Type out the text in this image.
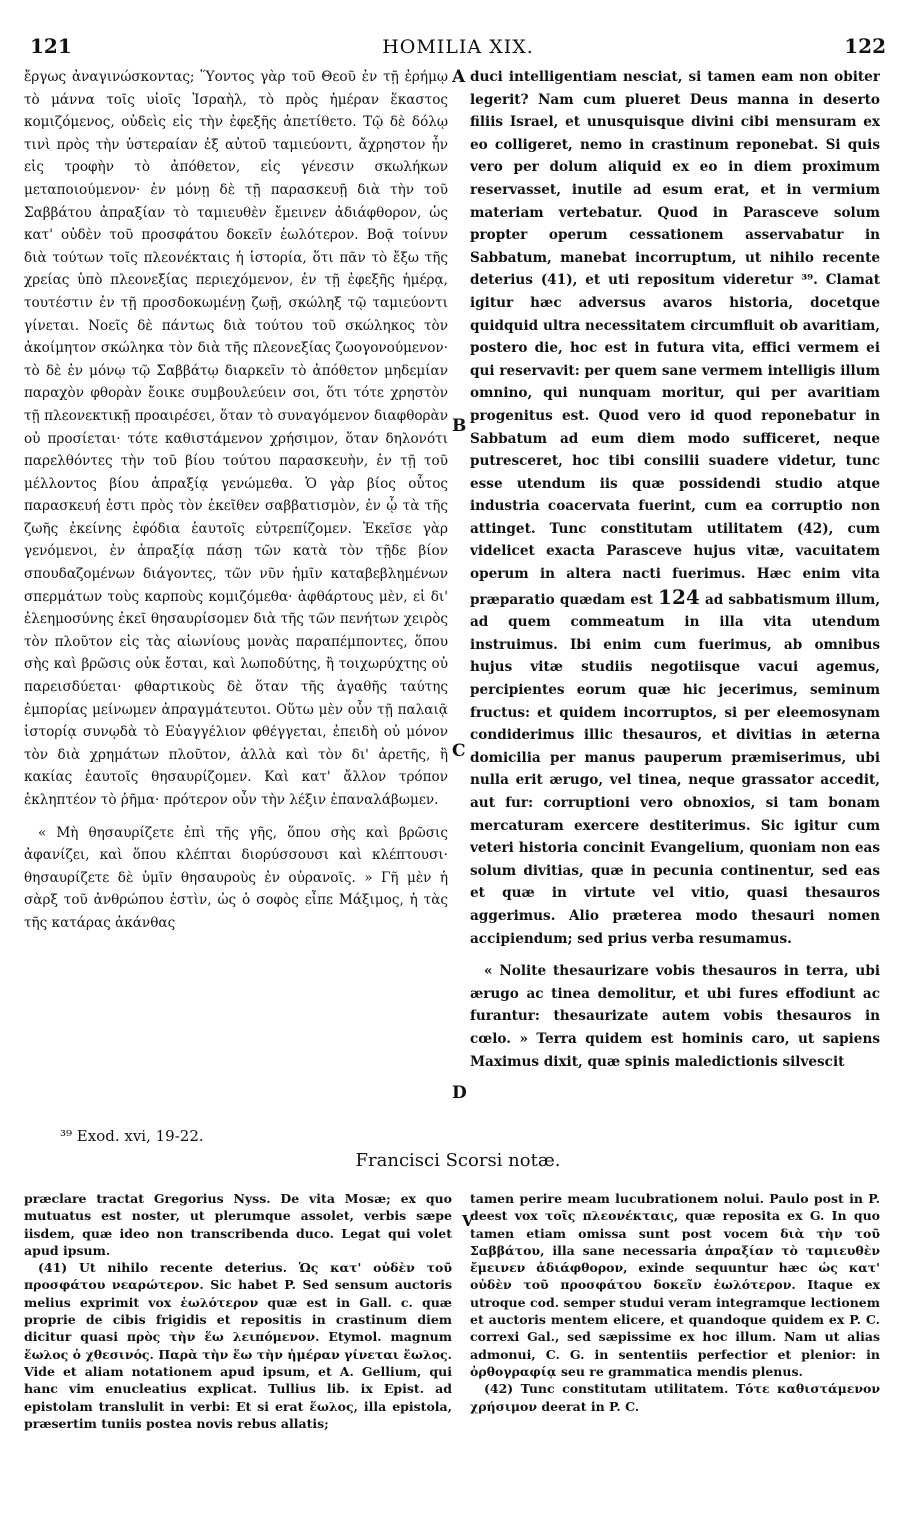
121	HOMILIA XIX.	122

ἔργως ἀναγινώσκοντας; Ὕοντος γὰρ τοῦ Θεοῦ ἐν τῇ ἐρήμῳ τὸ μάννα τοῖς υἱοῖς Ἰσραὴλ, τὸ πρὸς ἡμέραν ἕκαστος κομιζόμενος, οὐδεὶς εἰς τὴν ἐφεξῆς ἀπετίθετο. Τῷ δὲ δόλῳ τινὶ πρὸς τὴν ὑστεραίαν ἐξ αὐτοῦ ταμιεύοντι, ἄχρηστον ἦν εἰς τροφὴν τὸ ἀπόθετον, εἰς γένεσιν σκωλήκων μεταποιούμενον· ἐν μόνῃ δὲ τῇ παρασκευῇ διὰ τὴν τοῦ Σαββάτου ἀπραξίαν τὸ ταμιευθὲν ἔμεινεν ἀδιάφθορον, ὡς κατ' οὐδὲν τοῦ προσφάτου δοκεῖν ἑωλότερον. Βοᾷ τοίνυν διὰ τούτων τοῖς πλεονέκταις ἡ ἱστορία, ὅτι πᾶν τὸ ἔξω τῆς χρείας ὑπὸ πλεονεξίας περιεχόμενον, ἐν τῇ ἐφεξῆς ἡμέρᾳ, τουτέστιν ἐν τῇ προσδοκωμένῃ ζωῇ, σκώληξ τῷ ταμιεύοντι γίνεται. Νοεῖς δὲ πάντως διὰ τούτου τοῦ σκώληκος τὸν ἀκοίμητον σκώληκα τὸν διὰ τῆς πλεονεξίας ζωογονούμενον· τὸ δὲ ἐν μόνῳ τῷ Σαββάτῳ διαρκεῖν τὸ ἀπόθετον μηδεμίαν παραχὸν φθορὰν ἔοικε συμβουλεύειν σοι, ὅτι τότε χρηστὸν τῇ πλεονεκτικῇ προαιρέσει, ὅταν τὸ συναγόμενον διαφθορὰν οὐ προσίεται· τότε καθιστάμενον χρήσιμον, ὅταν δηλονότι παρελθόντες τὴν τοῦ βίου τούτου παρασκευὴν, ἐν τῇ τοῦ μέλλοντος βίου ἀπραξίᾳ γενώμεθα. Ὁ γὰρ βίος οὗτος παρασκευή ἐστι πρὸς τὸν ἐκεῖθεν σαββατισμὸν, ἐν ᾧ τὰ τῆς ζωῆς ἐκείνης ἐφόδια ἑαυτοῖς εὐτρεπίζομεν. Ἐκεῖσε γὰρ γενόμενοι, ἐν ἀπραξίᾳ πάσῃ τῶν κατὰ τὸν τῇδε βίον σπουδαζομένων διάγοντες, τῶν νῦν ἡμῖν καταβεβλημένων σπερμάτων τοὺς καρποὺς κομιζόμεθα· ἀφθάρτους μὲν, εἰ δι' ἐλεημοσύνης ἐκεῖ θησαυρίσομεν διὰ τῆς τῶν πενήτων χειρὸς τὸν πλοῦτον εἰς τὰς αἰωνίους μονὰς παραπέμποντες, ὅπου σὴς καὶ βρῶσις οὐκ ἔσται, καὶ λωποδύτης, ἢ τοιχωρύχτης οὐ παρεισδύεται· φθαρτικοὺς δὲ ὅταν τῆς ἀγαθῆς ταύτης ἐμπορίας μείνωμεν ἀπραγμάτευτοι. Οὕτω μὲν οὖν τῇ παλαιᾷ ἱστορίᾳ συνῳδὰ τὸ Εὐαγγέλιον φθέγγεται, ἐπειδὴ οὐ μόνον τὸν διὰ χρημάτων πλοῦτον, ἀλλὰ καὶ τὸν δι' ἀρετῆς, ἢ κακίας ἑαυτοῖς θησαυρίζομεν. Καὶ κατ' ἄλλον τρόπον ἐκληπτέον τὸ ῥῆμα· πρότερον οὖν τὴν λέξιν ἐπαναλάβωμεν.

« Μὴ θησαυρίζετε ἐπὶ τῆς γῆς, ὅπου σὴς καὶ βρῶσις ἀφανίζει, καὶ ὅπου κλέπται διορύσσουσι καὶ κλέπτουσι· θησαυρίζετε δὲ ὑμῖν θησαυροὺς ἐν οὐρανοῖς. » Γῆ μὲν ἡ σὰρξ τοῦ ἀνθρώπου ἐστὶν, ὡς ὁ σοφὸς εἶπε Μάξιμος, ἡ τὰς τῆς κατάρας ἀκάνθας

A
B
C
D

duci intelligentiam nesciat, si tamen eam non obiter legerit? Nam cum plueret Deus manna in deserto filiis Israel, et unusquisque divini cibi mensuram ex eo colligeret, nemo in crastinum reponebat. Si quis vero per dolum aliquid ex eo in diem proximum reservasset, inutile ad esum erat, et in vermium materiam vertebatur. Quod in Parasceve solum propter operum cessationem asservabatur in Sabbatum, manebat incorruptum, ut nihilo recente deterius (41), et uti repositum videretur ³⁹. Clamat igitur hæc adversus avaros historia, docetque quidquid ultra necessitatem circumfluit ob avaritiam, postero die, hoc est in futura vita, effici vermem ei qui reservavit: per quem sane vermem intelligis illum omnino, qui nunquam moritur, qui per avaritiam progenitus est. Quod vero id quod reponebatur in Sabbatum ad eum diem modo sufficeret, neque putresceret, hoc tibi consilii suadere videtur, tunc esse utendum iis quæ possidendi studio atque industria coacervata fuerint, cum ea corruptio non attinget. Tunc constitutam utilitatem (42), cum videlicet exacta Parasceve hujus vitæ, vacuitatem operum in altera nacti fuerimus. Hæc enim vita præparatio quædam est 124 ad sabbatismum illum, ad quem commeatum in illa vita utendum instruimus. Ibi enim cum fuerimus, ab omnibus hujus vitæ studiis negotiisque vacui agemus, percipientes eorum quæ hic jecerimus, seminum fructus: et quidem incorruptos, si per eleemosynam condiderimus illic thesauros, et divitias in æterna domicilia per manus pauperum præmiserimus, ubi nulla erit ærugo, vel tinea, neque grassator accedit, aut fur: corruptioni vero obnoxios, si tam bonam mercaturam exercere destiterimus. Sic igitur cum veteri historia concinit Evangelium, quoniam non eas solum divitias, quæ in pecunia continentur, sed eas et quæ in virtute vel vitio, quasi thesauros aggerimus. Alio præterea modo thesauri nomen accipiendum; sed prius verba resumamus.

« Nolite thesaurizare vobis thesauros in terra, ubi ærugo ac tinea demolitur, et ubi fures effodiunt ac furantur: thesaurizate autem vobis thesauros in cœlo. » Terra quidem est hominis caro, ut sapiens Maximus dixit, quæ spinis maledictionis silvescit

³⁹ Exod. xvi, 19-22.
Francisci Scorsi notæ.

præclare tractat Gregorius Nyss. De vita Mosæ; ex quo mutuatus est noster, ut plerumque assolet, verbis sæpe iisdem, quæ ideo non transcribenda duco. Legat qui volet apud ipsum.

(41) Ut nihilo recente deterius. Ὡς κατ' οὐδὲν τοῦ προσφάτου νεαρώτερον. Sic habet P. Sed sensum auctoris melius exprimit vox ἑωλότερον quæ est in Gall. c. quæ proprie de cibis frigidis et repositis in crastinum diem dicitur quasi πρὸς τὴν ἕω λειπόμενον. Etymol. magnum ἕωλος ὁ χθεσινός. Παρὰ τὴν ἕω τὴν ἡμέραν γίνεται ἕωλος. Vide et aliam notationem apud ipsum, et A. Gellium, qui hanc vim enucleatius explicat. Tullius lib. ix Epist. ad epistolam translulit in verbi: Et si erat ἕωλος, illa epistola, præsertim tuniis postea novis rebus allatis;

V

tamen perire meam lucubrationem nolui. Paulo post in P. deest vox τοῖς πλεονέκταις, quæ reposita ex G. In quo tamen etiam omissa sunt post vocem διὰ τὴν τοῦ Σαββάτου, illa sane necessaria ἀπραξίαν τὸ ταμιευθὲν ἔμεινεν ἀδιάφθορον, exinde sequuntur hæc ὡς κατ' οὐδὲν τοῦ προσφάτου δοκεῖν ἑωλότερον. Itaque ex utroque cod. semper studui veram integramque lectionem et auctoris mentem elicere, et quandoque quidem ex P. C. correxi Gal., sed sæpissime ex hoc illum. Nam ut alias admonui, C. G. in sententiis perfectior et plenior: in ὀρθογραφίᾳ seu re grammatica mendis plenus.

(42) Tunc constitutam utilitatem. Τότε καθιστάμενον χρήσιμον deerat in P. C.
